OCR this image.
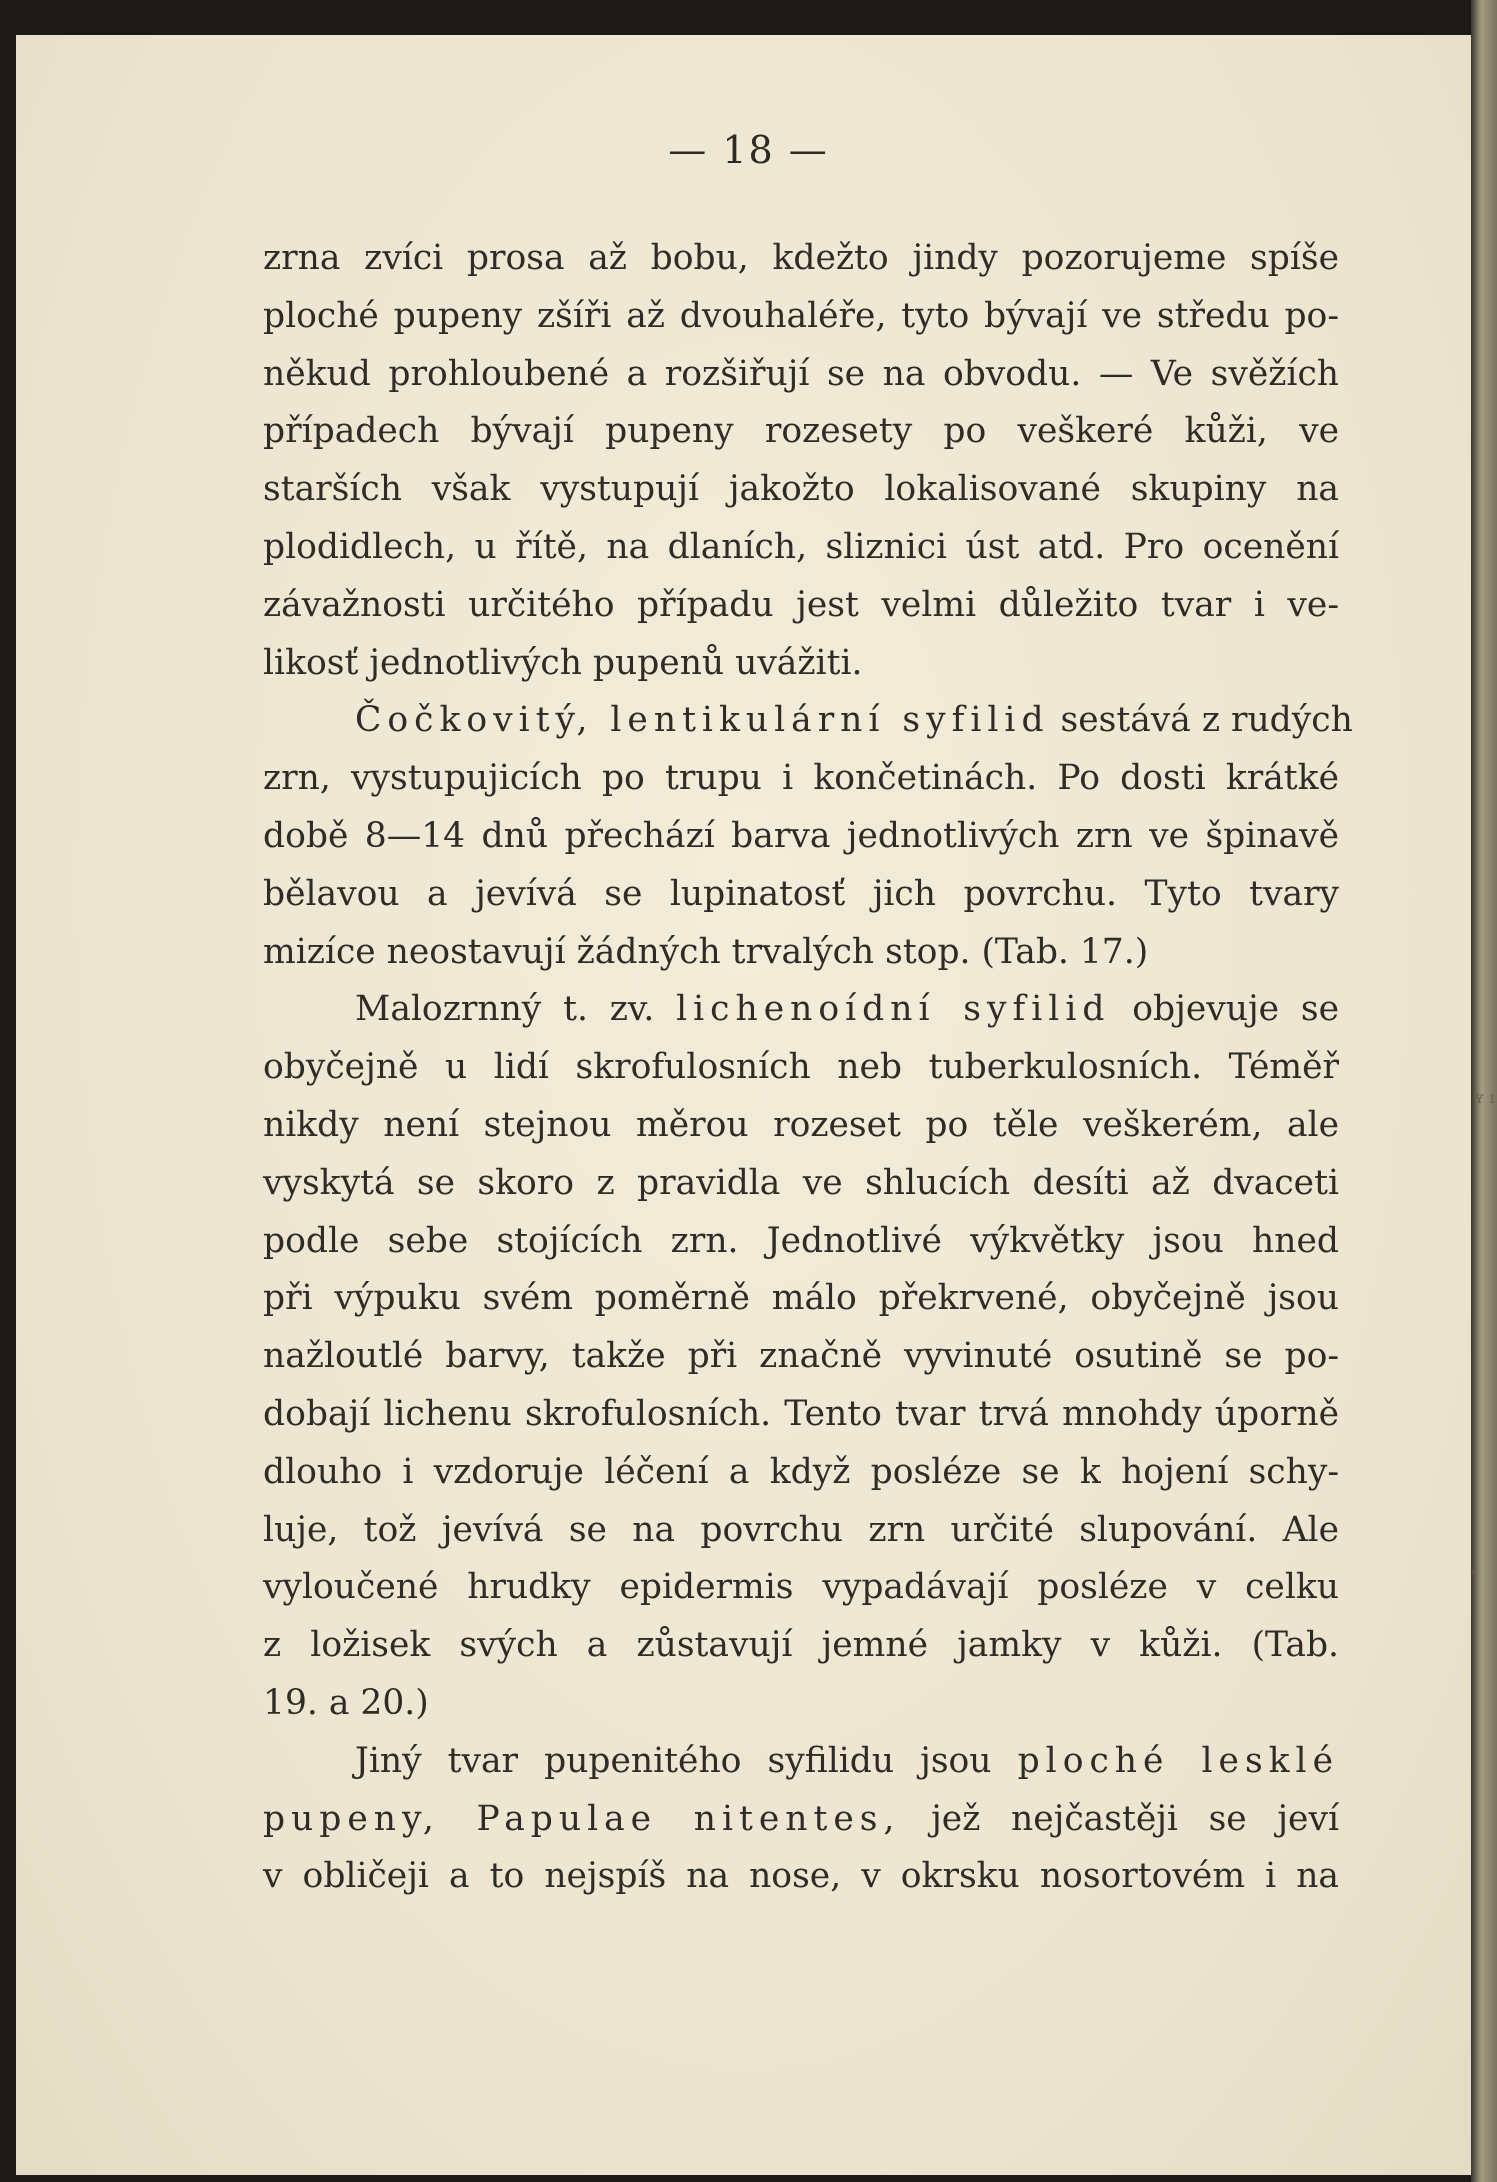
— 18 —
zrna zvíci prosa až bobu, kdežto jindy pozorujeme spíše
ploché pupeny zšíři až dvouhaléře, tyto bývají ve středu po-
někud prohloubené a rozšiřují se na obvodu. — Ve svěžích
případech bývají pupeny rozesety po veškeré kůži, ve
starších však vystupují jakožto lokalisované skupiny na
plodidlech, u řítě, na dlaních, sliznici úst atd. Pro ocenění
závažnosti určitého případu jest velmi důležito tvar i ve-
likosť jednotlivých pupenů uvážiti.
Čočkovitý, lentikulární syfilid sestává z rudých
zrn, vystupujicích po trupu i končetinách. Po dosti krátké
době 8—14 dnů přechází barva jednotlivých zrn ve špinavě
bělavou a jevívá se lupinatosť jich povrchu. Tyto tvary
mizíce neostavují žádných trvalých stop. (Tab. 17.)
Malozrnný t. zv. lichenoídní syfilid objevuje se
obyčejně u lidí skrofulosních neb tuberkulosních. Téměř
nikdy není stejnou měrou rozeset po těle veškerém, ale
vyskytá se skoro z pravidla ve shlucích desíti až dvaceti
podle sebe stojících zrn. Jednotlivé výkvětky jsou hned
při výpuku svém poměrně málo překrvené, obyčejně jsou
nažloutlé barvy, takže při značně vyvinuté osutině se po-
dobají lichenu skrofulosních. Tento tvar trvá mnohdy úporně
dlouho i vzdoruje léčení a když posléze se k hojení schy-
luje, tož jevívá se na povrchu zrn určité slupování. Ale
vyloučené hrudky epidermis vypadávají posléze v celku
z ložisek svých a zůstavují jemné jamky v kůži. (Tab.
19. a 20.)
Jiný tvar pupenitého syfilidu jsou ploché lesklé
pupeny, Papulae nitentes, jež nejčastěji se jeví
v obličeji a to nejspíš na nose, v okrsku nosortovém i na
ʏ ɪ
›
